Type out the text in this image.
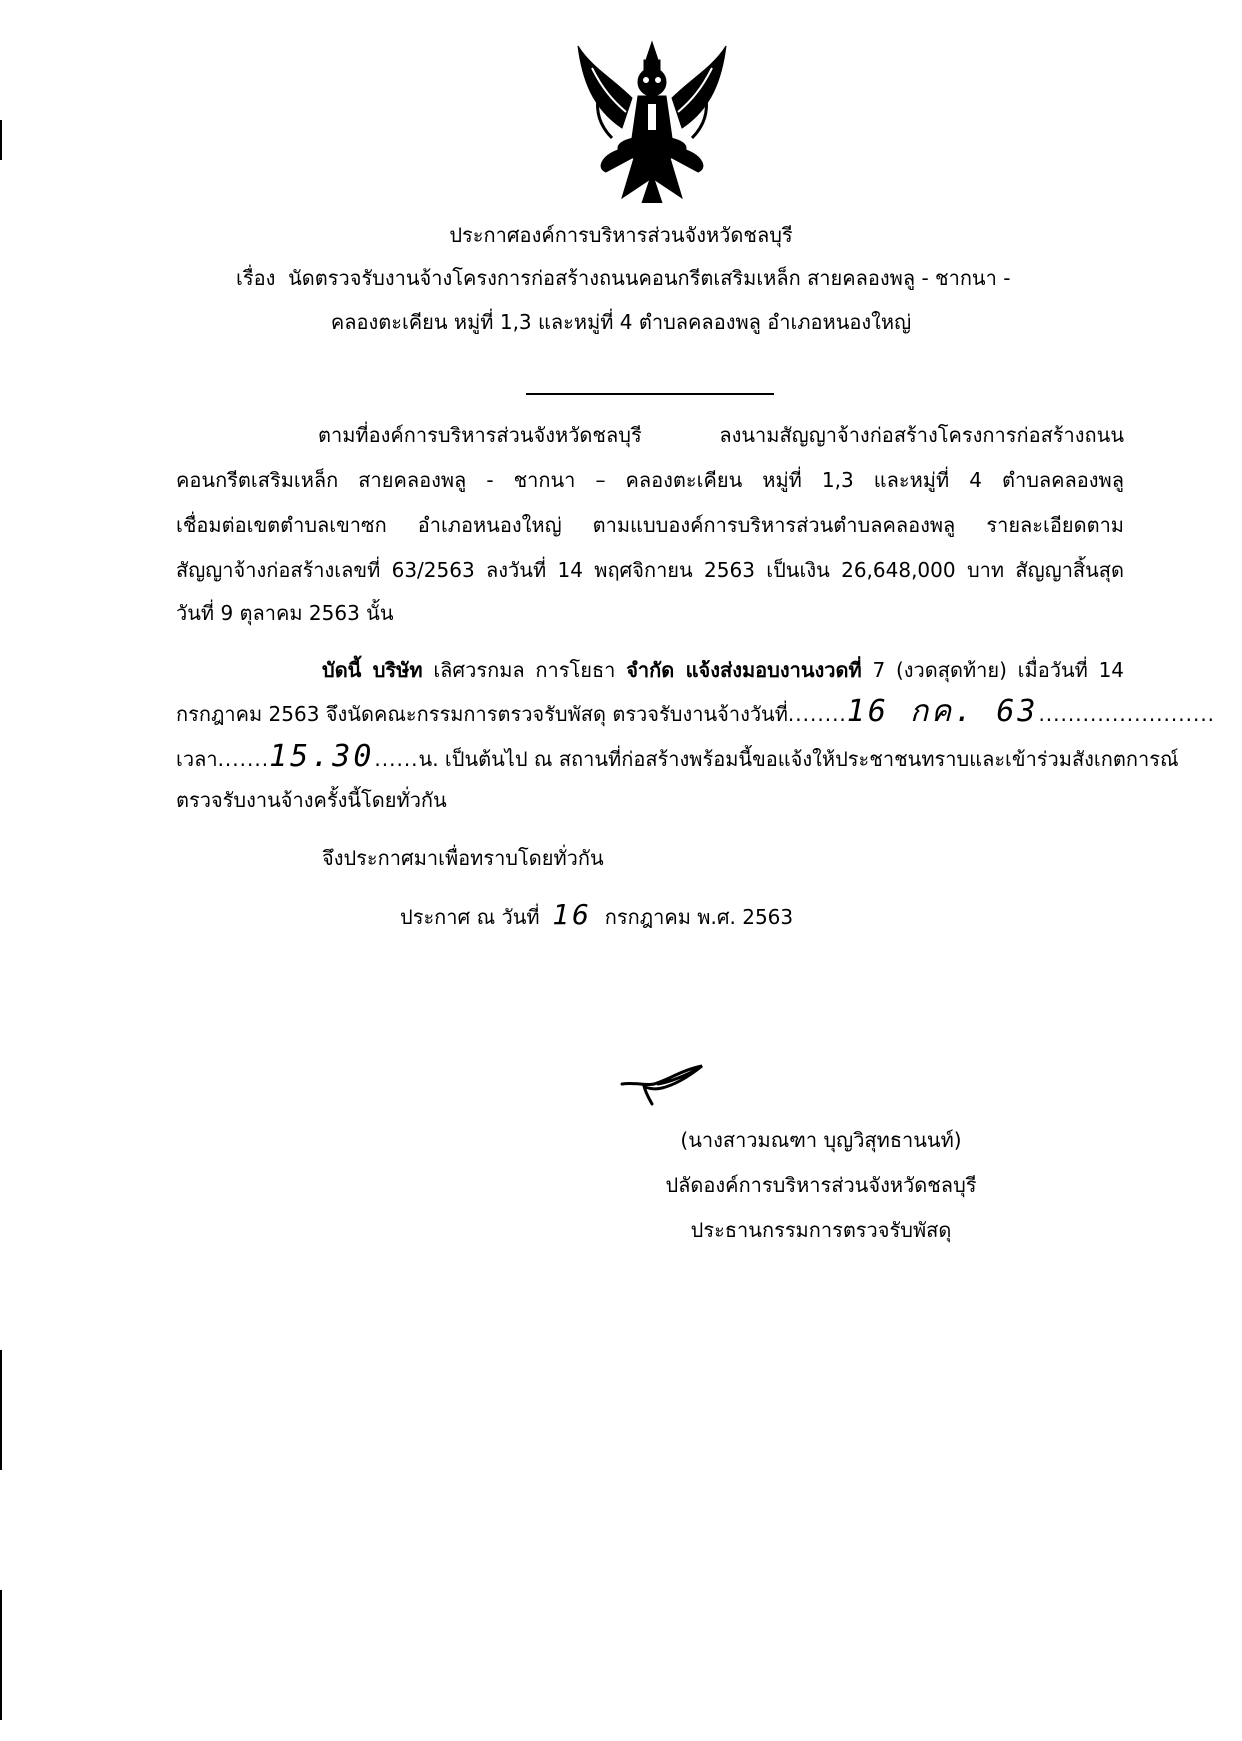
ประกาศองค์การบริหารส่วนจังหวัดชลบุรี
เรื่อง นัดตรวจรับงานจ้างโครงการก่อสร้างถนนคอนกรีตเสริมเหล็ก สายคลองพลู - ชากนา -
คลองตะเคียน หมู่ที่ 1,3 และหมู่ที่ 4 ตำบลคลองพลู อำเภอหนองใหญ่
ตามที่องค์การบริหารส่วนจังหวัดชลบุรี ลงนามสัญญาจ้างก่อสร้างโครงการก่อสร้างถนน
คอนกรีตเสริมเหล็ก สายคลองพลู - ชากนา – คลองตะเคียน หมู่ที่ 1,3 และหมู่ที่ 4 ตำบลคลองพลู
เชื่อมต่อเขตตำบลเขาซก อำเภอหนองใหญ่ ตามแบบองค์การบริหารส่วนตำบลคลองพลู รายละเอียดตาม
สัญญาจ้างก่อสร้างเลขที่ 63/2563 ลงวันที่ 14 พฤศจิกายน 2563 เป็นเงิน 26,648,000 บาท สัญญาสิ้นสุด
วันที่ 9 ตุลาคม 2563 นั้น
บัดนี้ บริษัท เลิศวรกมล การโยธา จำกัด แจ้งส่งมอบงานงวดที่ 7 (งวดสุดท้าย) เมื่อวันที่ 14
กรกฎาคม 2563 จึงนัดคณะกรรมการตรวจรับพัสดุ ตรวจรับงานจ้างวันที่........16 กค. 63........................
เวลา.......15.30......น. เป็นต้นไป ณ สถานที่ก่อสร้างพร้อมนี้ขอแจ้งให้ประชาชนทราบและเข้าร่วมสังเกตการณ์
ตรวจรับงานจ้างครั้งนี้โดยทั่วกัน
จึงประกาศมาเพื่อทราบโดยทั่วกัน
ประกาศ ณ วันที่ 16 กรกฎาคม พ.ศ. 2563
(นางสาวมณฑา บุญวิสุทธานนท์)
ปลัดองค์การบริหารส่วนจังหวัดชลบุรี
ประธานกรรมการตรวจรับพัสดุ
